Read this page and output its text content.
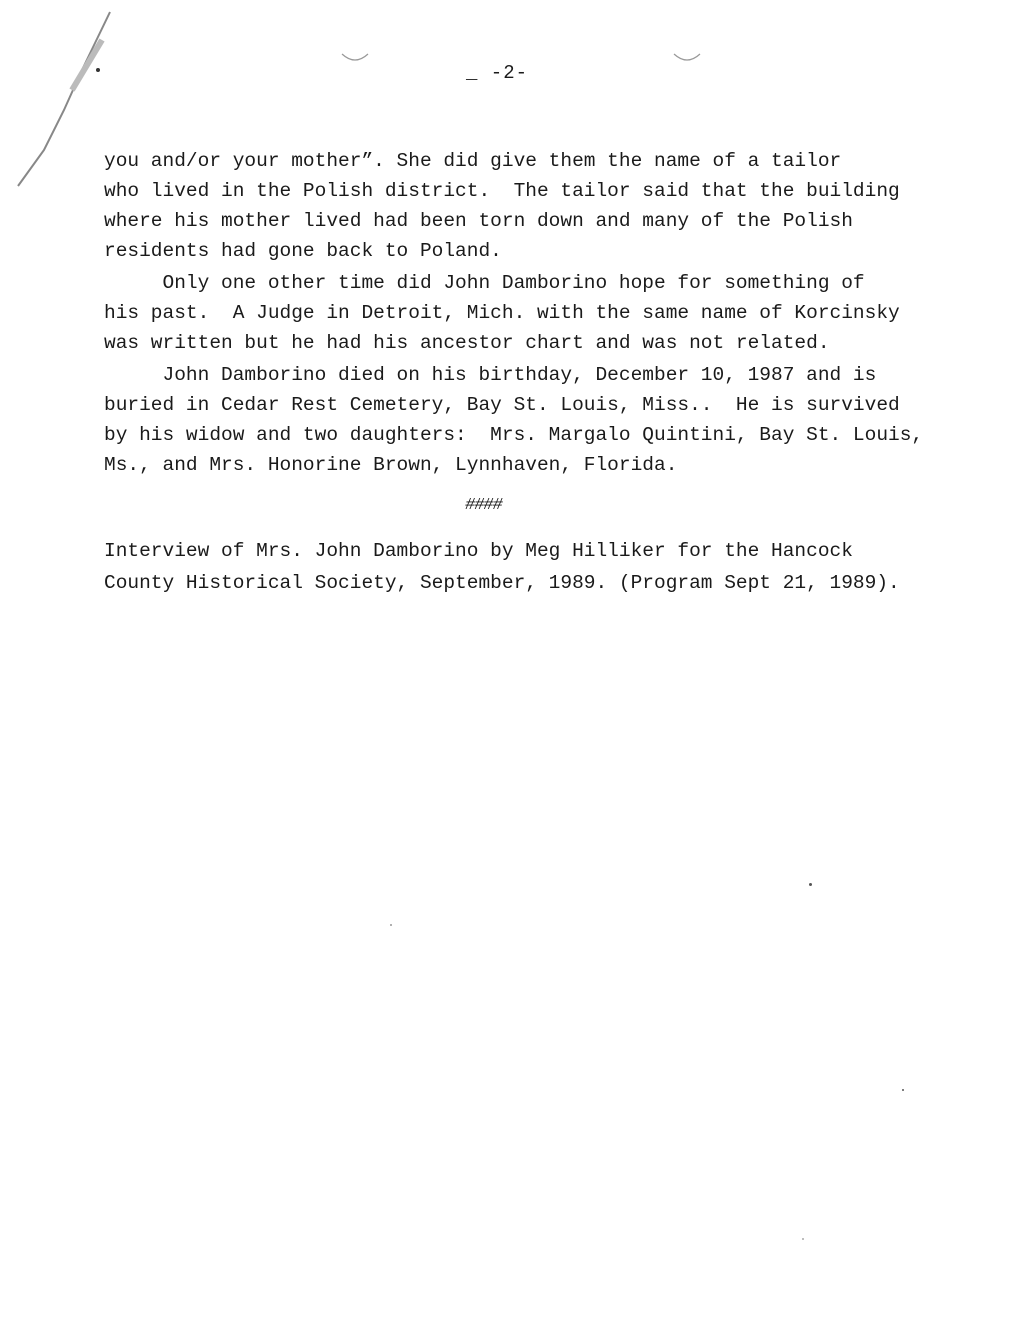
_ -2-
you and/or your mother”. She did give them the name of a tailor
who lived in the Polish district.  The tailor said that the building
where his mother lived had been torn down and many of the Polish
residents had gone back to Poland.
Only one other time did John Damborino hope for something of
his past.  A Judge in Detroit, Mich. with the same name of Korcinsky
was written but he had his ancestor chart and was not related.
John Damborino died on his birthday, December 10, 1987 and is
buried in Cedar Rest Cemetery, Bay St. Louis, Miss..  He is survived
by his widow and two daughters:  Mrs. Margalo Quintini, Bay St. Louis,
Ms., and Mrs. Honorine Brown, Lynnhaven, Florida.
####
Interview of Mrs. John Damborino by Meg Hilliker for the Hancock
County Historical Society, September, 1989. (Program Sept 21, 1989).
